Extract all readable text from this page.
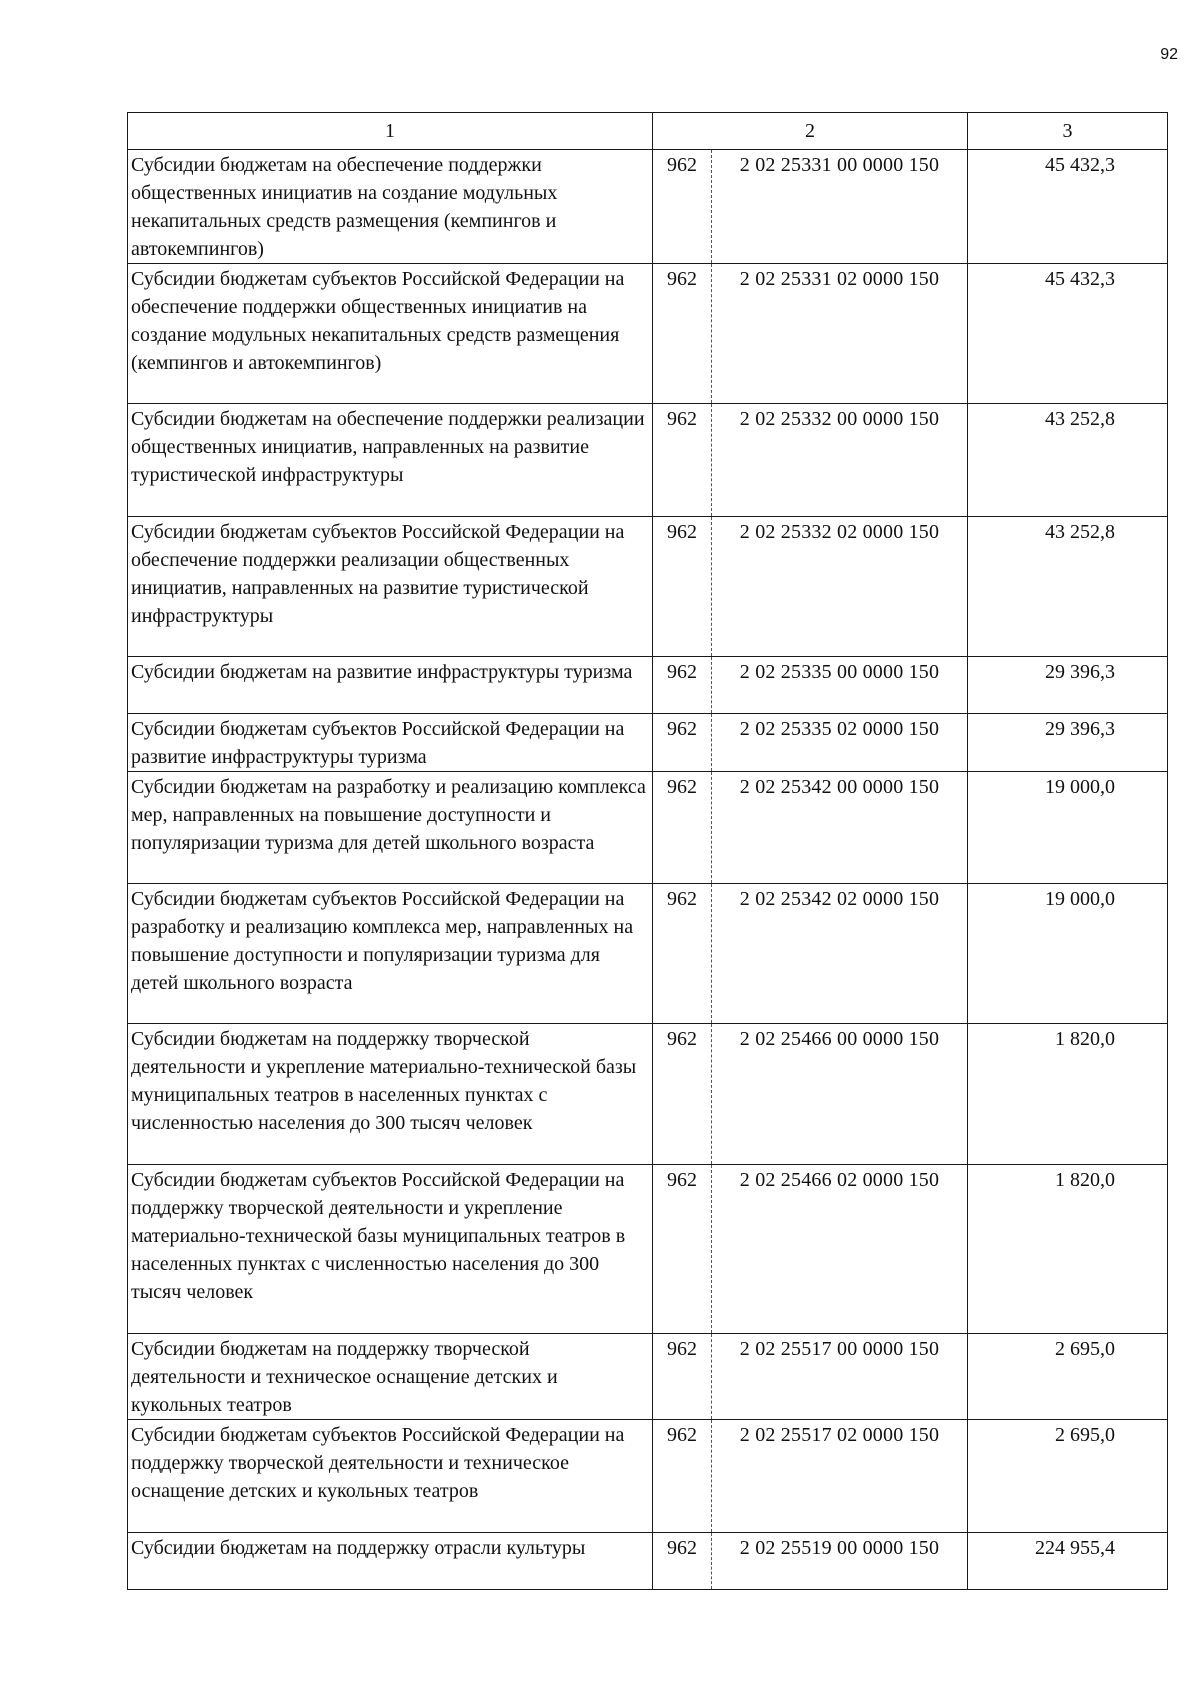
92
1	2	3
Субсидии бюджетам на обеспечение поддержки общественных инициатив на создание модульных некапитальных средств размещения (кемпингов и автокемпингов)	962 2 02 25331 00 0000 150	45 432,3
Субсидии бюджетам субъектов Российской Федерации на обеспечение поддержки общественных инициатив на создание модульных некапитальных средств размещения (кемпингов и автокемпингов)	962 2 02 25331 02 0000 150	45 432,3
Субсидии бюджетам на обеспечение поддержки реализации общественных инициатив, направленных на развитие туристической инфраструктуры	962 2 02 25332 00 0000 150	43 252,8
Субсидии бюджетам субъектов Российской Федерации на обеспечение поддержки реализации общественных инициатив, направленных на развитие туристической инфраструктуры	962 2 02 25332 02 0000 150	43 252,8
Субсидии бюджетам на развитие инфраструктуры туризма	962 2 02 25335 00 0000 150	29 396,3
Субсидии бюджетам субъектов Российской Федерации на развитие инфраструктуры туризма	962 2 02 25335 02 0000 150	29 396,3
Субсидии бюджетам на разработку и реализацию комплекса мер, направленных на повышение доступности и популяризации туризма для детей школьного возраста	962 2 02 25342 00 0000 150	19 000,0
Субсидии бюджетам субъектов Российской Федерации на разработку и реализацию комплекса мер, направленных на повышение доступности и популяризации туризма для детей школьного возраста	962 2 02 25342 02 0000 150	19 000,0
Субсидии бюджетам на поддержку творческой деятельности и укрепление материально-технической базы муниципальных театров в населенных пунктах с численностью населения до 300 тысяч человек	962 2 02 25466 00 0000 150	1 820,0
Субсидии бюджетам субъектов Российской Федерации на поддержку творческой деятельности и укрепление материально-технической базы муниципальных театров в населенных пунктах с численностью населения до 300 тысяч человек	962 2 02 25466 02 0000 150	1 820,0
Субсидии бюджетам на поддержку творческой деятельности и техническое оснащение детских и кукольных театров	962 2 02 25517 00 0000 150	2 695,0
Субсидии бюджетам субъектов Российской Федерации на поддержку творческой деятельности и техническое оснащение детских и кукольных театров	962 2 02 25517 02 0000 150	2 695,0
Субсидии бюджетам на поддержку отрасли культуры	962 2 02 25519 00 0000 150	224 955,4
